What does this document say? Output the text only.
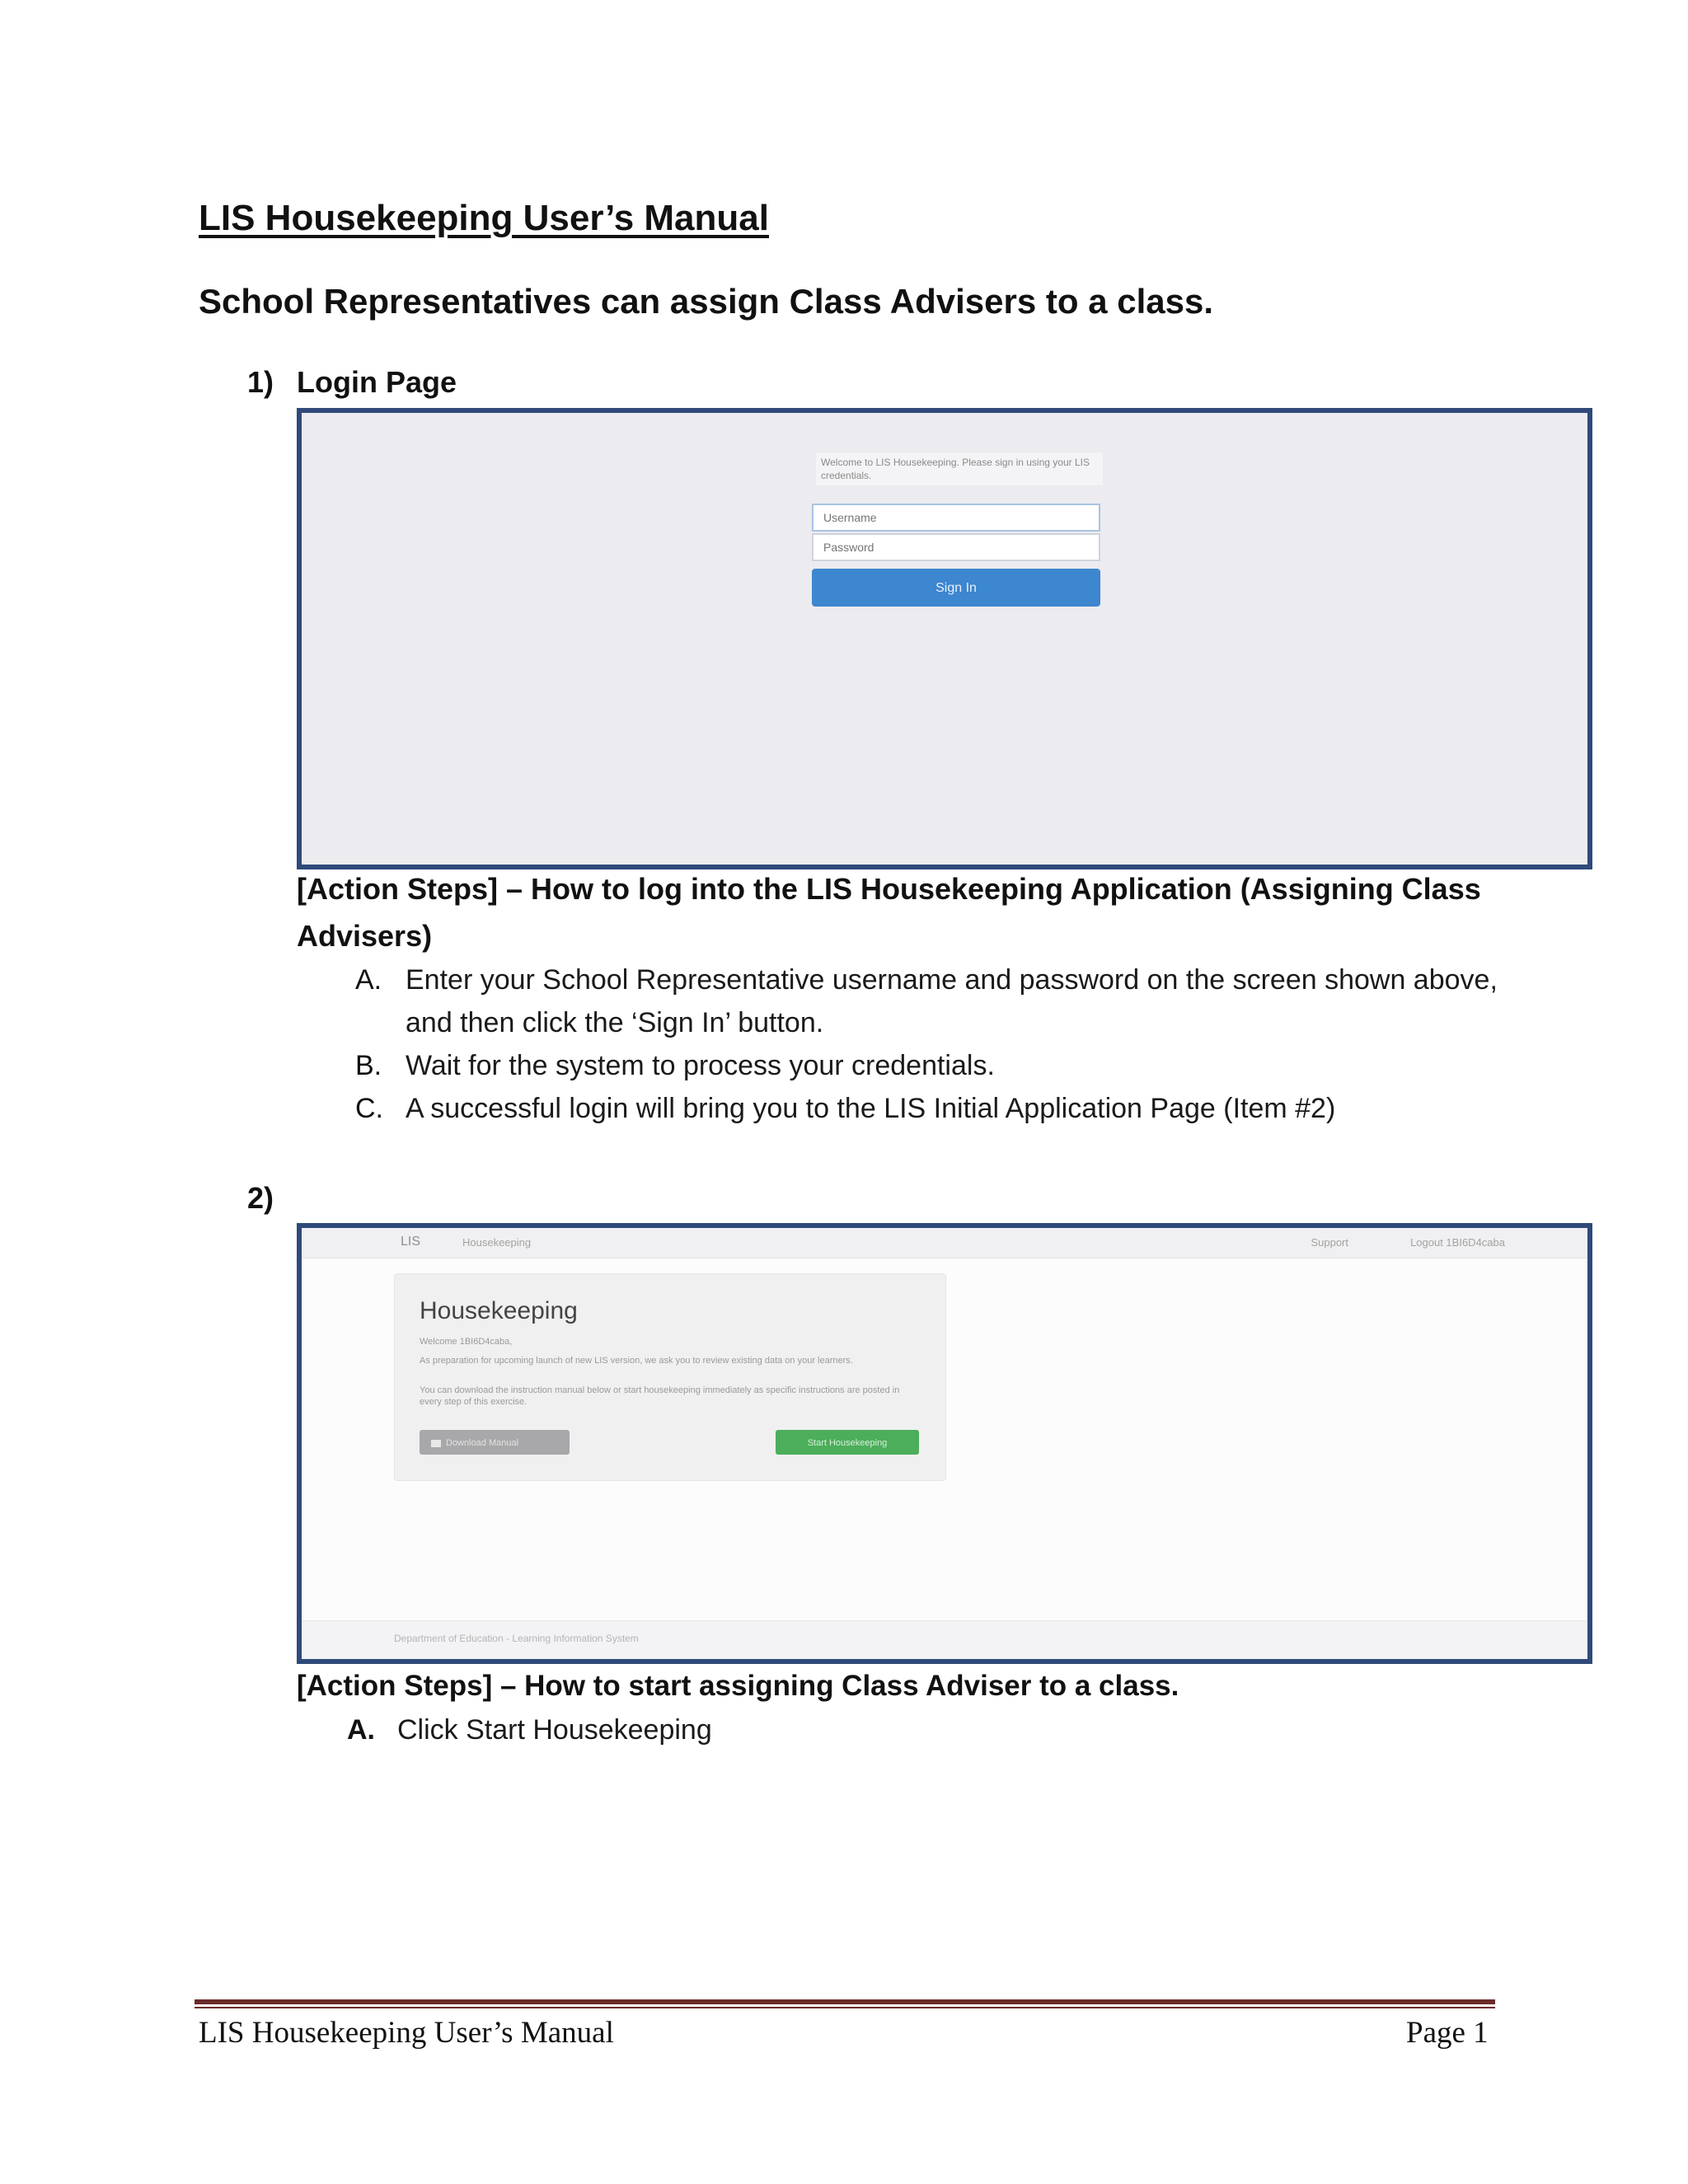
LIS Housekeeping User’s Manual
School Representatives can assign Class Advisers to a class.
1) Login Page
Welcome to LIS Housekeeping. Please sign in using your LIS credentials.
Username
Sign In
[Action Steps] – How to log into the LIS Housekeeping Application (Assigning Class
Advisers)
A. Enter your School Representative username and password on the screen shown above,
and then click the ‘Sign In’ button.
B. Wait for the system to process your credentials.
C. A successful login will bring you to the LIS Initial Application Page (Item #2)
2)
LIS	Housekeeping	Support	Logout 1BI6D4caba
Housekeeping
Welcome 1BI6D4caba,
As preparation for upcoming launch of new LIS version, we ask you to review existing data on your learners.
You can download the instruction manual below or start housekeeping immediately as specific instructions are posted in every step of this exercise.
Download Manual	Start Housekeeping
Department of Education - Learning Information System
[Action Steps] – How to start assigning Class Adviser to a class.
A. Click Start Housekeeping
LIS Housekeeping User’s Manual	Page 1
